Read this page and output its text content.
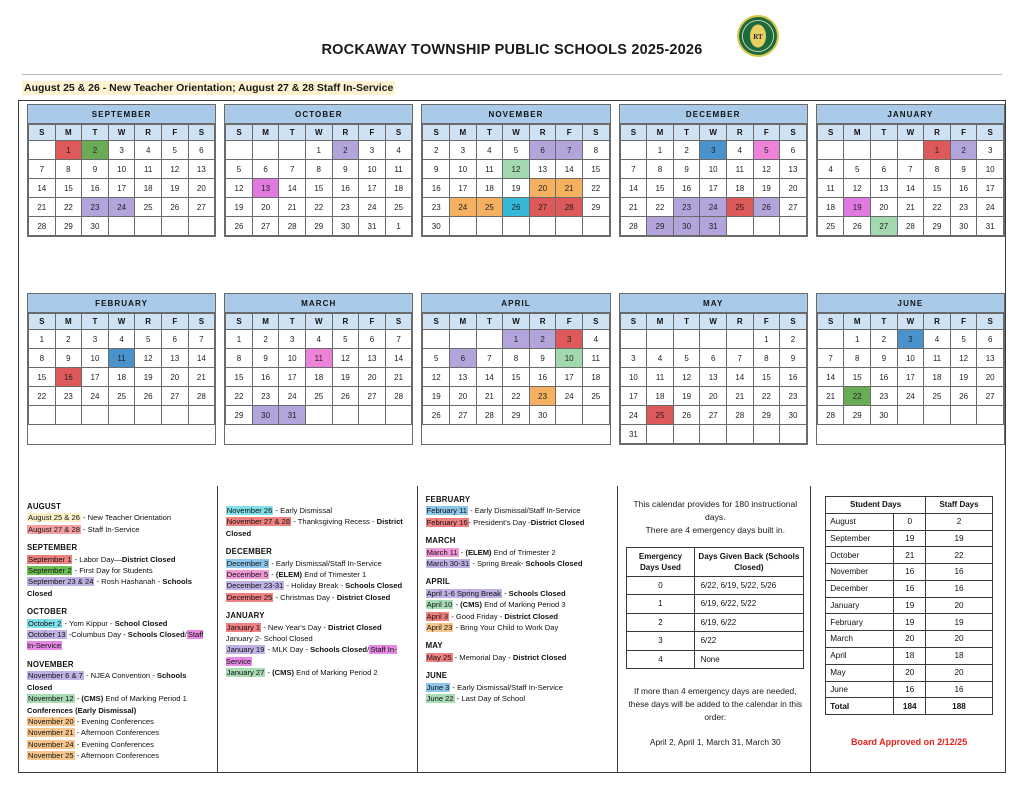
RT
ROCKAWAY TOWNSHIP PUBLIC SCHOOLS 2025-2026
August 25 & 26 - New Teacher Orientation; August 27 & 28 Staff In-Service
SEPTEMBER
S	M	T	W	R	F	S
	1	2	3	4	5	6
7	8	9	10	11	12	13
14	15	16	17	18	19	20
21	22	23	24	25	26	27
28	29	30				
OCTOBER
S	M	T	W	R	F	S
			1	2	3	4
5	6	7	8	9	10	11
12	13	14	15	16	17	18
19	20	21	22	23	24	25
26	27	28	29	30	31	1
NOVEMBER
S	M	T	W	R	F	S
2	3	4	5	6	7	8
9	10	11	12	13	14	15
16	17	18	19	20	21	22
23	24	25	26	27	28	29
30						
DECEMBER
S	M	T	W	R	F	S
	1	2	3	4	5	6
7	8	9	10	11	12	13
14	15	16	17	18	19	20
21	22	23	24	25	26	27
28	29	30	31			
JANUARY
S	M	T	W	R	F	S
				1	2	3
4	5	6	7	8	9	10
11	12	13	14	15	16	17
18	19	20	21	22	23	24
25	26	27	28	29	30	31
FEBRUARY
S	M	T	W	R	F	S
1	2	3	4	5	6	7
8	9	10	11	12	13	14
15	16	17	18	19	20	21
22	23	24	25	26	27	28

MARCH
S	M	T	W	R	F	S
1	2	3	4	5	6	7
8	9	10	11	12	13	14
15	16	17	18	19	20	21
22	23	24	25	26	27	28
29	30	31				
APRIL
S	M	T	W	R	F	S
			1	2	3	4
5	6	7	8	9	10	11
12	13	14	15	16	17	18
19	20	21	22	23	24	25
26	27	28	29	30		
MAY
S	M	T	W	R	F	S
					1	2
3	4	5	6	7	8	9
10	11	12	13	14	15	16
17	18	19	20	21	22	23
24	25	26	27	28	29	30
31						
JUNE
S	M	T	W	R	F	S
	1	2	3	4	5	6
7	8	9	10	11	12	13
14	15	16	17	18	19	20
21	22	23	24	25	26	27
28	29	30				
AUGUST
August 25 & 26 - New Teacher Orientation
August 27 & 28 - Staff In-Service
SEPTEMBER
September 1 - Labor Day—District Closed
September 2 - First Day for Students
September 23 & 24 - Rosh Hashanah - Schools Closed
OCTOBER
October 2 - Yom Kippur - School Closed
October 13 -Columbus Day - Schools Closed/Staff In-Service
NOVEMBER
November 6 & 7 - NJEA Convention - Schools Closed
November 12 - (CMS) End of Marking Period 1 Conferences (Early Dismissal)
November 20 - Evening Conferences
November 21 - Afternoon Conferences
November 24 - Evening Conferences
November 25 - Afternoon Conferences
November 26 - Early Dismissal
November 27 & 28 - Thanksgiving Recess - District Closed
DECEMBER
December 3 - Early Dismissal/Staff In-Service
December 5 - (ELEM) End of Trimester 1
December 23-31 - Holiday Break - Schools Closed
December 25 - Christmas Day - District Closed
JANUARY
January 1 - New Year's Day - District Closed
January 2- School Closed
January 19 - MLK Day - Schools Closed Staff In-Service
January 27 - (CMS) End of Marking Period 2
FEBRUARY
February 11 - Early Dismissal/Staff In-Service
February 16- President's Day -District Closed
MARCH
March 11 - (ELEM) End of Trimester 2
March 30-31 - Spring Break- Schools Closed
APRIL
April 1-6 Spring Break - Schools Closed
April 10 - (CMS) End of Marking Period 3
April 3 - Good Friday - District Closed
April 23 - Bring Your Child to Work Day
MAY
May 25 - Memorial Day - District Closed
JUNE
June 3 - Early Dismissal/Staff In-Service
June 22 - Last Day of School
This calendar provides for 180 instructional days.
There are 4 emergency days built in.
Emergency Days Used	Days Given Back (Schools Closed)
0	6/22, 6/19, 5/22, 5/26
1	6/19, 6/22, 5/22
2	6/19, 6/22
3	6/22
4	None
If more than 4 emergency days are needed, these days will be added to the calendar in this order:
April 2, April 1, March 31, March 30
Student Days		Staff Days
August	0	2
September	19	19
October	21	22
November	16	16
December	16	16
January	19	20
February	19	19
March	20	20
April	18	18
May	20	20
June	16	16
Total	184	188
Board Approved on 2/12/25
